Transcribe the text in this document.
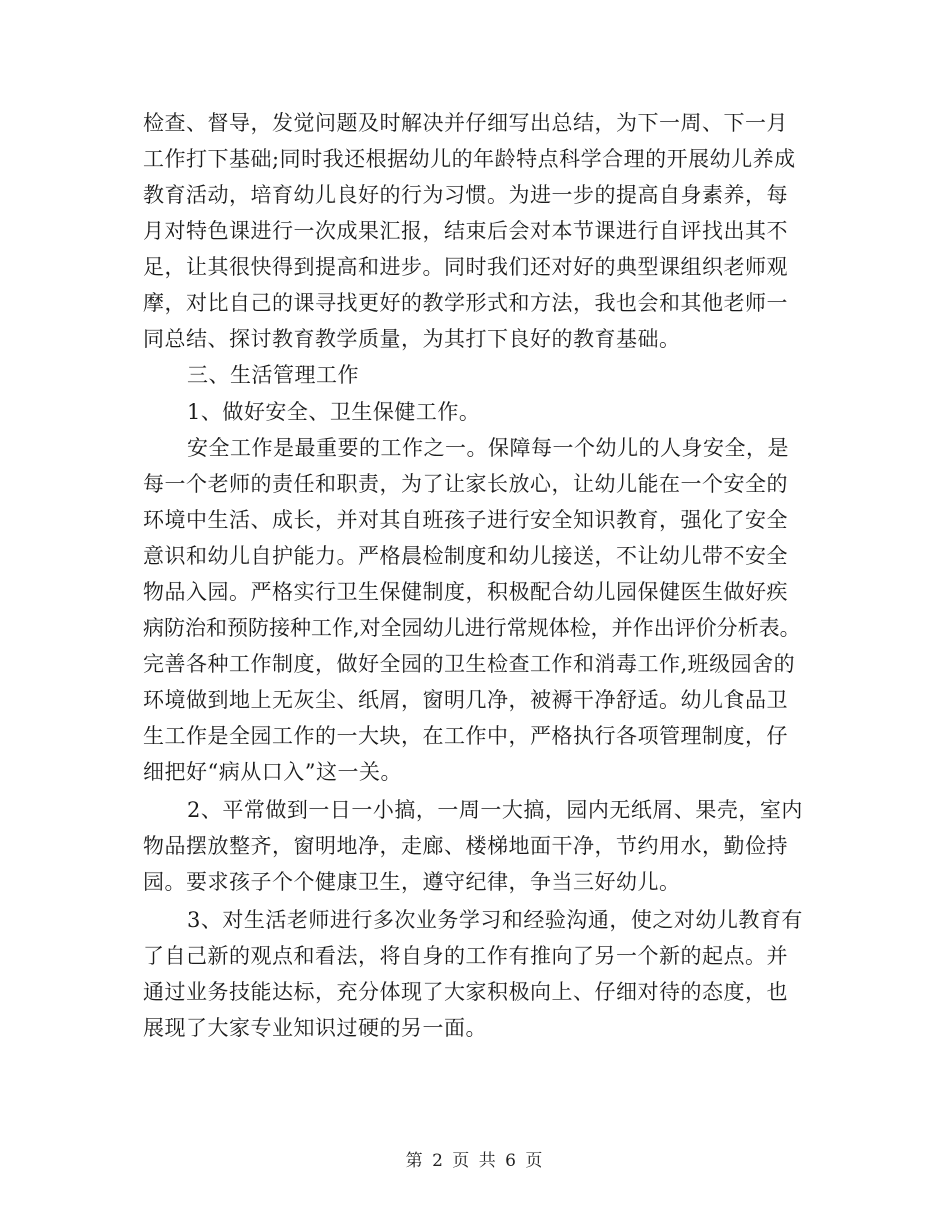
检查、督导，发觉问题及时解决并仔细写出总结，为下一周、下一月
工作打下基础;同时我还根据幼儿的年龄特点科学合理的开展幼儿养成
教育活动，培育幼儿良好的行为习惯。为进一步的提高自身素养，每
月对特色课进行一次成果汇报，结束后会对本节课进行自评找出其不
足，让其很快得到提高和进步。同时我们还对好的典型课组织老师观
摩，对比自己的课寻找更好的教学形式和方法，我也会和其他老师一
同总结、探讨教育教学质量，为其打下良好的教育基础。
三、生活管理工作
1、做好安全、卫生保健工作。
安全工作是最重要的工作之一。保障每一个幼儿的人身安全，是
每一个老师的责任和职责，为了让家长放心，让幼儿能在一个安全的
环境中生活、成长，并对其自班孩子进行安全知识教育，强化了安全
意识和幼儿自护能力。严格晨检制度和幼儿接送，不让幼儿带不安全
物品入园。严格实行卫生保健制度，积极配合幼儿园保健医生做好疾
病防治和预防接种工作,对全园幼儿进行常规体检，并作出评价分析表。
完善各种工作制度，做好全园的卫生检查工作和消毒工作,班级园舍的
环境做到地上无灰尘、纸屑，窗明几净，被褥干净舒适。幼儿食品卫
生工作是全园工作的一大块，在工作中，严格执行各项管理制度，仔
细把好“病从口入”这一关。
2、平常做到一日一小搞，一周一大搞，园内无纸屑、果壳，室内
物品摆放整齐，窗明地净，走廊、楼梯地面干净，节约用水，勤俭持
园。要求孩子个个健康卫生，遵守纪律，争当三好幼儿。
3、对生活老师进行多次业务学习和经验沟通，使之对幼儿教育有
了自己新的观点和看法，将自身的工作有推向了另一个新的起点。并
通过业务技能达标，充分体现了大家积极向上、仔细对待的态度，也
展现了大家专业知识过硬的另一面。
第 2 页 共 6 页
